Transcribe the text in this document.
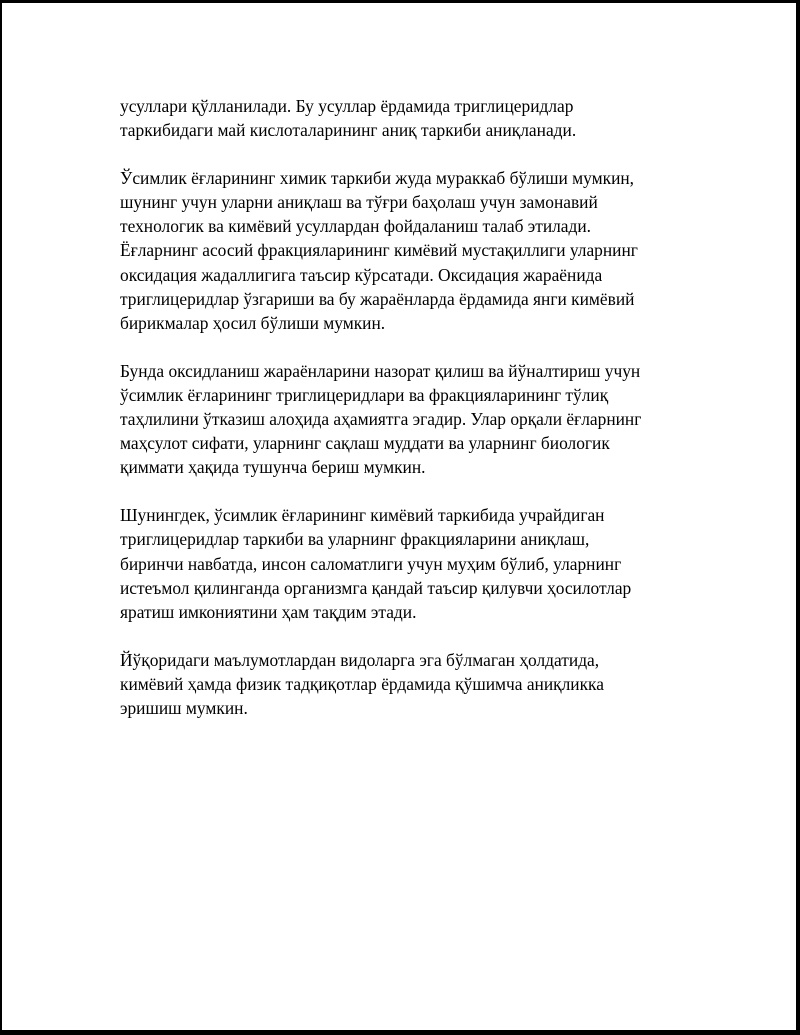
усуллари қўлланилади. Бу усуллар ёрдамида триглицеридлар
таркибидаги май кислоталарининг аниқ таркиби аниқланади.

Ўсимлик ёғларининг химик таркиби жуда мураккаб бўлиши мумкин,
шунинг учун уларни аниқлаш ва тўғри баҳолаш учун замонавий
технологик ва кимёвий усуллардан фойдаланиш талаб этилади.
Ёғларнинг асосий фракцияларининг кимёвий мустақиллиги уларнинг
оксидация жадаллигига таъсир кўрсатади. Оксидация жараёнида
триглицеридлар ўзгариши ва бу жараёнларда ёрдамида янги кимёвий
бирикмалар ҳосил бўлиши мумкин.

Бунда оксидланиш жараёнларини назорат қилиш ва йўналтириш учун
ўсимлик ёғларининг триглицеридлари ва фракцияларининг тўлиқ
таҳлилини ўтказиш алоҳида аҳамиятга эгадир. Улар орқали ёғларнинг
маҳсулот сифати, уларнинг сақлаш муддати ва уларнинг биологик
қиммати ҳақида тушунча бериш мумкин.

Шунингдек, ўсимлик ёғларининг кимёвий таркибида учрайдиган
триглицеридлар таркиби ва уларнинг фракцияларини аниқлаш,
биринчи навбатда, инсон саломатлиги учун муҳим бўлиб, уларнинг
истеъмол қилинганда организмга қандай таъсир қилувчи ҳосилотлар
яратиш имкониятини ҳам тақдим этади.

Йўқоридаги маълумотлардан видоларга эга бўлмаган ҳолдатида,
кимёвий ҳамда физик тадқиқотлар ёрдамида қўшимча аниқликка
эришиш мумкин.
